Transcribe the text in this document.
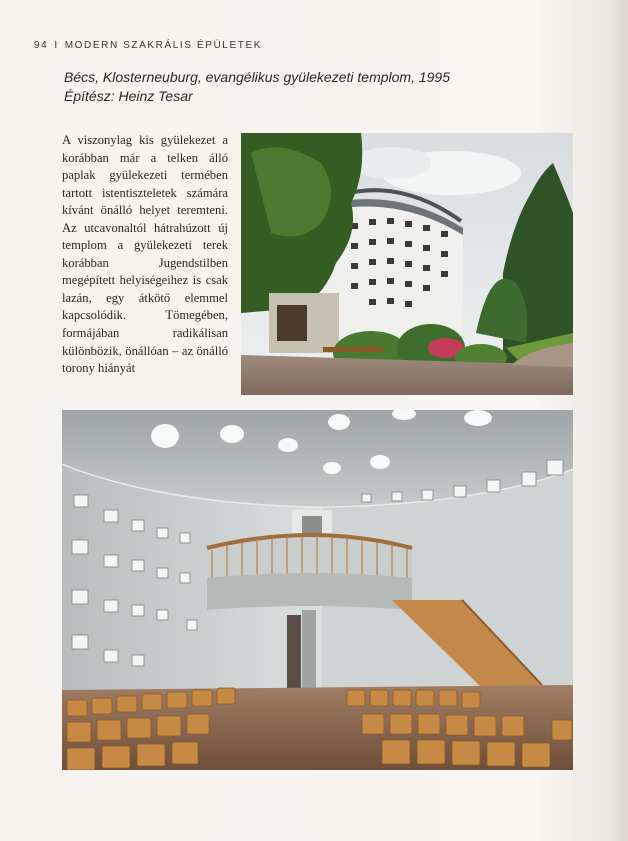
94 I MODERN SZAKRÁLIS ÉPÜLETEK
Bécs, Klosterneuburg, evangélikus gyülekezeti templom, 1995
Építész: Heinz Tesar

A viszonylag kis gyülekezet a korábban már a telken álló paplak gyülekezeti termében tartott istentiszteletek számára kívánt önálló helyet teremteni. Az utcavonaltól hátrahúzott új templom a gyülekezeti terek korábban Jugendstilben megépített helyiségeihez is csak lazán, egy átkötő elemmel kapcsolódik. Tömegében, formájában radikálisan különbözik, önállóan – az önálló torony hiányát
